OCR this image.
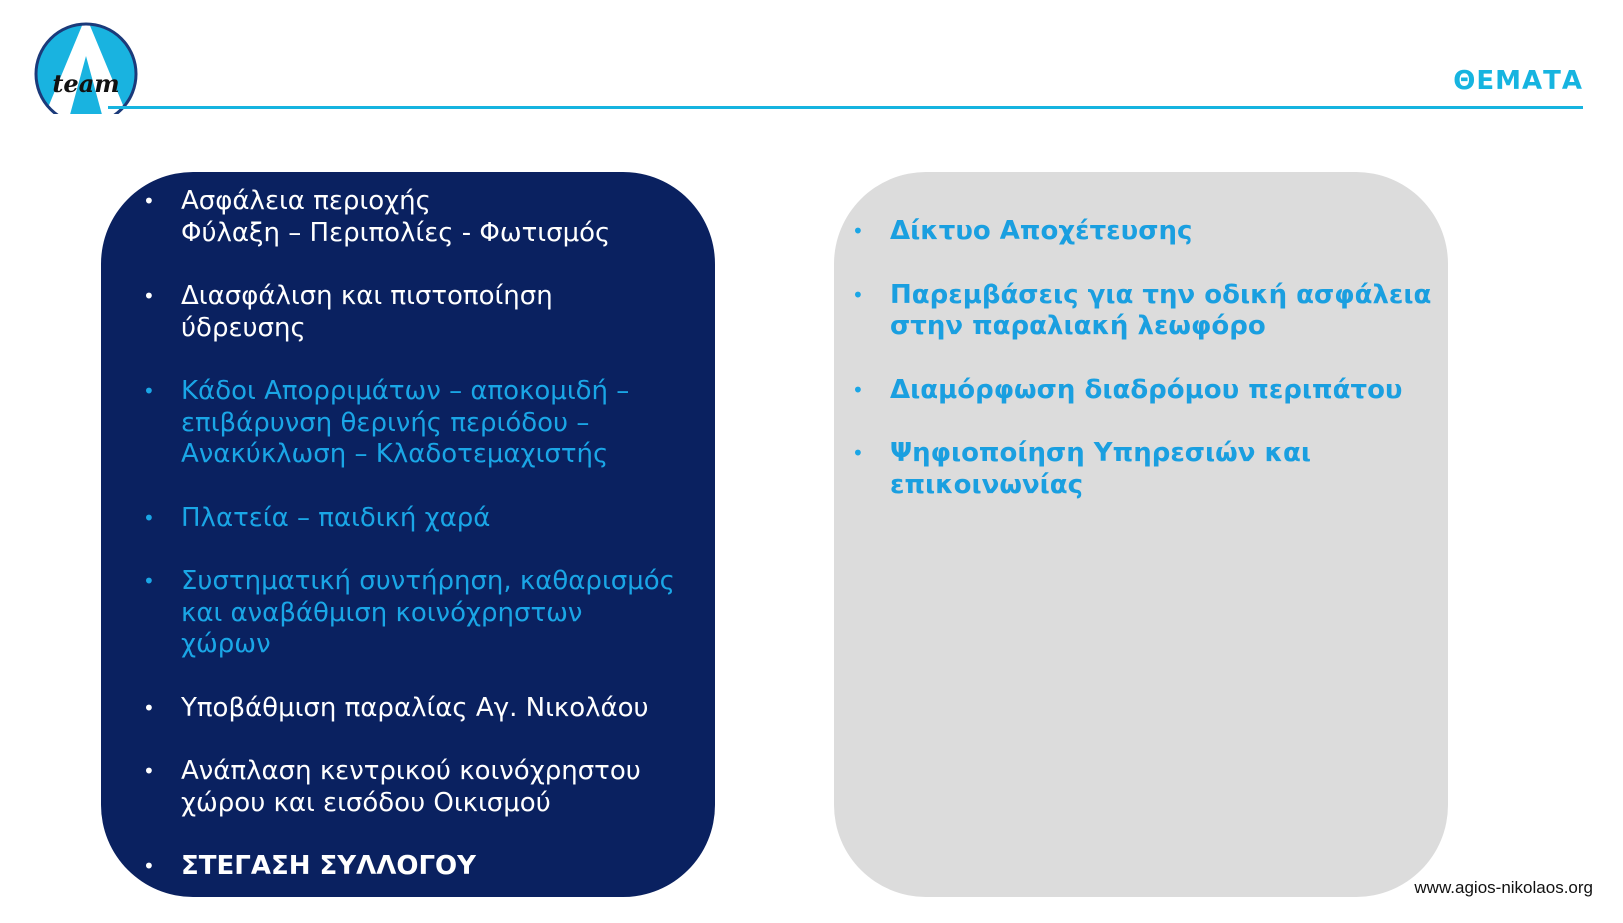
team	ΘΕΜΑΤΑ
• Ασφάλεια περιοχής
Φύλαξη – Περιπολίες - Φωτισμός
• Διασφάλιση και πιστοποίηση
ύδρευσης
• Κάδοι Απορριμάτων – αποκομιδή –
επιβάρυνση θερινής περιόδου –
Ανακύκλωση – Κλαδοτεμαχιστής
• Πλατεία – παιδική χαρά
• Συστηματική συντήρηση, καθαρισμός
και αναβάθμιση κοινόχρηστων
χώρων
• Υποβάθμιση παραλίας Αγ. Νικολάου
• Ανάπλαση κεντρικού κοινόχρηστου
χώρου και εισόδου Οικισμού
• ΣΤΕΓΑΣΗ ΣΥΛΛΟΓΟΥ
• Δίκτυο Αποχέτευσης
• Παρεμβάσεις για την οδική ασφάλεια
στην παραλιακή λεωφόρο
• Διαμόρφωση διαδρόμου περιπάτου
• Ψηφιοποίηση Υπηρεσιών και
επικοινωνίας
www.agios-nikolaos.org
